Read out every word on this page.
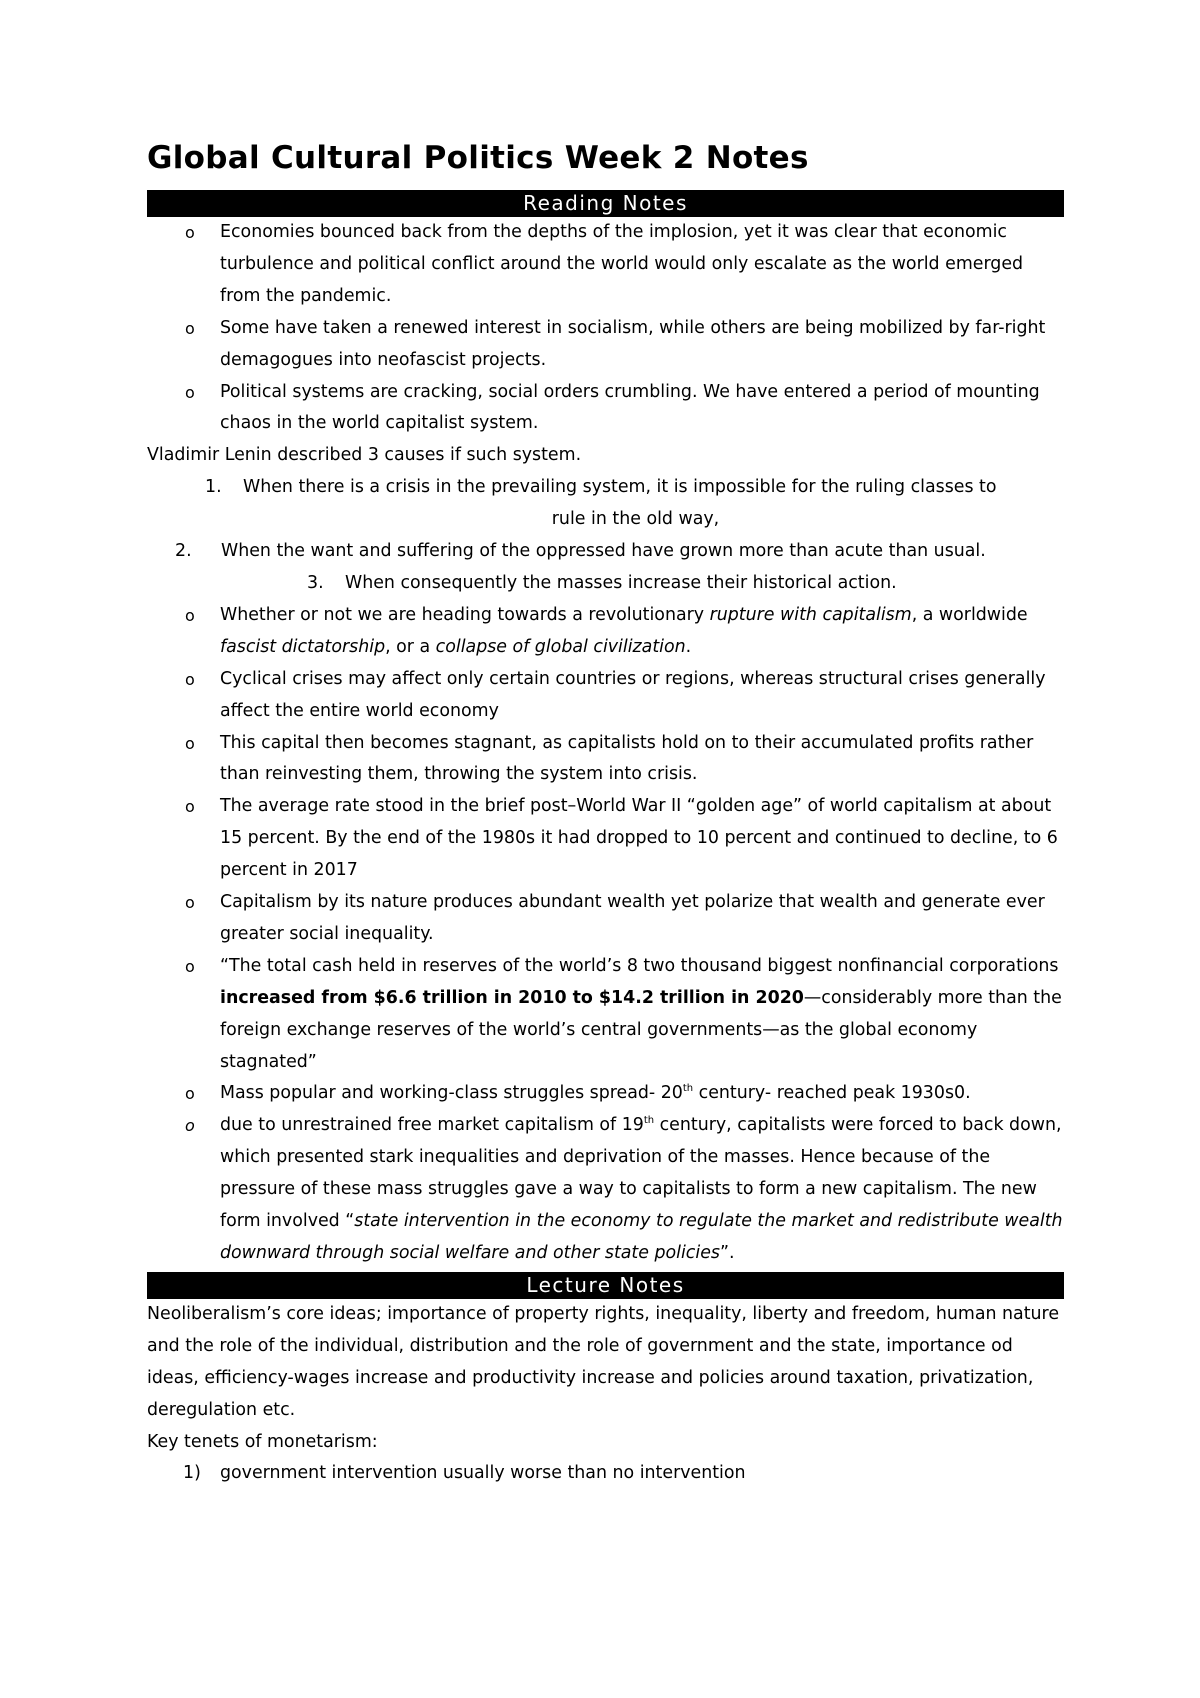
Global Cultural Politics Week 2 Notes
Reading Notes
o Economies bounced back from the depths of the implosion, yet it was clear that economic turbulence and political conflict around the world would only escalate as the world emerged from the pandemic.
o Some have taken a renewed interest in socialism, while others are being mobilized by far-right demagogues into neofascist projects.
o Political systems are cracking, social orders crumbling. We have entered a period of mounting chaos in the world capitalist system.

Vladimir Lenin described 3 causes if such system.

1. When there is a crisis in the prevailing system, it is impossible for the ruling classes to

rule in the old way,

2. When the want and suffering of the oppressed have grown more than acute than usual.

3. When consequently the masses increase their historical action.

o Whether or not we are heading towards a revolutionary rupture with capitalism, a worldwide fascist dictatorship, or a collapse of global civilization.
o Cyclical crises may affect only certain countries or regions, whereas structural crises generally affect the entire world economy
o This capital then becomes stagnant, as capitalists hold on to their accumulated profits rather than reinvesting them, throwing the system into crisis.
o The average rate stood in the brief post–World War II “golden age” of world capitalism at about 15 percent. By the end of the 1980s it had dropped to 10 percent and continued to decline, to 6 percent in 2017
o Capitalism by its nature produces abundant wealth yet polarize that wealth and generate ever greater social inequality.
o “The total cash held in reserves of the world’s 8 two thousand biggest nonfinancial corporations increased from $6.6 trillion in 2010 to $14.2 trillion in 2020—considerably more than the foreign exchange reserves of the world’s central governments—as the global economy stagnated”
o Mass popular and working-class struggles spread- 20th century- reached peak 1930s0.
o due to unrestrained free market capitalism of 19th century, capitalists were forced to back down, which presented stark inequalities and deprivation of the masses. Hence because of the pressure of these mass struggles gave a way to capitalists to form a new capitalism. The new form involved “state intervention in the economy to regulate the market and redistribute wealth downward through social welfare and other state policies”.
Lecture Notes

Neoliberalism’s core ideas; importance of property rights, inequality, liberty and freedom, human nature and the role of the individual, distribution and the role of government and the state, importance od ideas, efficiency-wages increase and productivity increase and policies around taxation, privatization, deregulation etc.

Key tenets of monetarism:

1) government intervention usually worse than no intervention
